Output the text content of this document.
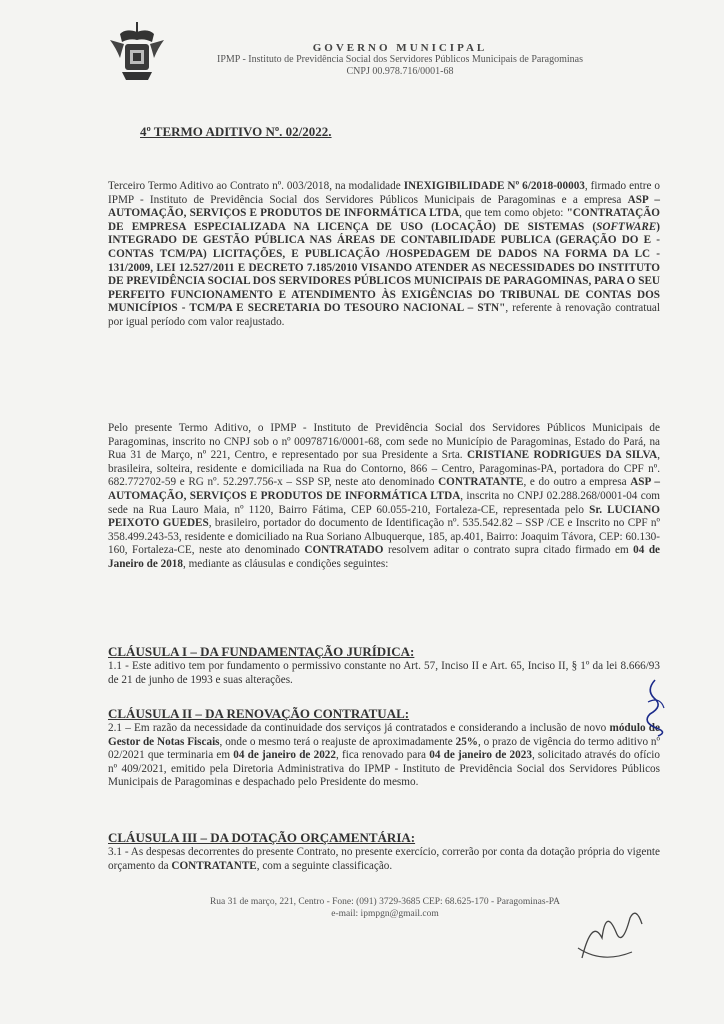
GOVERNO MUNICIPAL
IPMP - Instituto de Previdência Social dos Servidores Públicos Municipais de Paragominas
CNPJ 00.978.716/0001-68
4º TERMO ADITIVO Nº. 02/2022.
Terceiro Termo Aditivo ao Contrato nº. 003/2018, na modalidade INEXIGIBILIDADE Nº 6/2018-00003, firmado entre o IPMP - Instituto de Previdência Social dos Servidores Públicos Municipais de Paragominas e a empresa ASP – AUTOMAÇÃO, SERVIÇOS E PRODUTOS DE INFORMÁTICA LTDA, que tem como objeto: "CONTRATAÇÃO DE EMPRESA ESPECIALIZADA NA LICENÇA DE USO (LOCAÇÃO) DE SISTEMAS (SOFTWARE) INTEGRADO DE GESTÃO PÚBLICA NAS ÁREAS DE CONTABILIDADE PUBLICA (GERAÇÃO DO E - CONTAS TCM/PA) LICITAÇÕES, E PUBLICAÇÃO /HOSPEDAGEM DE DADOS NA FORMA DA LC - 131/2009, LEI 12.527/2011 E DECRETO 7.185/2010 VISANDO ATENDER AS NECESSIDADES DO INSTITUTO DE PREVIDÊNCIA SOCIAL DOS SERVIDORES PÚBLICOS MUNICIPAIS DE PARAGOMINAS, PARA O SEU PERFEITO FUNCIONAMENTO E ATENDIMENTO ÀS EXIGÊNCIAS DO TRIBUNAL DE CONTAS DOS MUNICÍPIOS - TCM/PA E SECRETARIA DO TESOURO NACIONAL – STN", referente à renovação contratual por igual período com valor reajustado.
Pelo presente Termo Aditivo, o IPMP - Instituto de Previdência Social dos Servidores Públicos Municipais de Paragominas, inscrito no CNPJ sob o nº 00978716/0001-68, com sede no Município de Paragominas, Estado do Pará, na Rua 31 de Março, nº 221, Centro, e representado por sua Presidente a Srta. CRISTIANE RODRIGUES DA SILVA, brasileira, solteira, residente e domiciliada na Rua do Contorno, 866 – Centro, Paragominas-PA, portadora do CPF nº. 682.772702-59 e RG nº. 52.297.756-x – SSP SP, neste ato denominado CONTRATANTE, e do outro a empresa ASP – AUTOMAÇÃO, SERVIÇOS E PRODUTOS DE INFORMÁTICA LTDA, inscrita no CNPJ 02.288.268/0001-04 com sede na Rua Lauro Maia, nº 1120, Bairro Fátima, CEP 60.055-210, Fortaleza-CE, representada pelo Sr. LUCIANO PEIXOTO GUEDES, brasileiro, portador do documento de Identificação nº. 535.542.82 – SSP /CE e Inscrito no CPF nº 358.499.243-53, residente e domiciliado na Rua Soriano Albuquerque, 185, ap.401, Bairro: Joaquim Távora, CEP: 60.130-160, Fortaleza-CE, neste ato denominado CONTRATADO resolvem aditar o contrato supra citado firmado em 04 de Janeiro de 2018, mediante as cláusulas e condições seguintes:
CLÁUSULA I – DA FUNDAMENTAÇÃO JURÍDICA:
1.1 - Este aditivo tem por fundamento o permissivo constante no Art. 57, Inciso II e Art. 65, Inciso II, § 1º da lei 8.666/93 de 21 de junho de 1993 e suas alterações.
CLÁUSULA II – DA RENOVAÇÃO CONTRATUAL:
2.1 – Em razão da necessidade da continuidade dos serviços já contratados e considerando a inclusão de novo módulo de Gestor de Notas Fiscais, onde o mesmo terá o reajuste de aproximadamente 25%, o prazo de vigência do termo aditivo nº 02/2021 que terminaria em 04 de janeiro de 2022, fica renovado para 04 de janeiro de 2023, solicitado através do ofício nº 409/2021, emitido pela Diretoria Administrativa do IPMP - Instituto de Previdência Social dos Servidores Públicos Municipais de Paragominas e despachado pelo Presidente do mesmo.
CLÁUSULA III – DA DOTAÇÃO ORÇAMENTÁRIA:
3.1 - As despesas decorrentes do presente Contrato, no presente exercício, correrão por conta da dotação própria do vigente orçamento da CONTRATANTE, com a seguinte classificação.
Rua 31 de março, 221, Centro - Fone: (091) 3729-3685 CEP: 68.625-170 - Paragominas-PA
e-mail: ipmpgn@gmail.com
